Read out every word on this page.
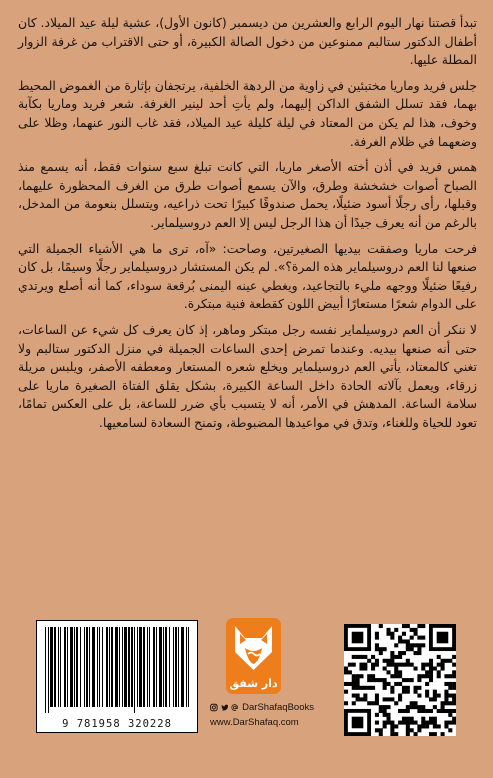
تبدأ قصتنا نهار اليوم الرابع والعشرين من ديسمبر (كانون الأول)، عشية ليلة عيد الميلاد. كان أطفال الدكتور ستالبم ممنوعين من دخول الصالة الكبيرة، أو حتى الاقتراب من غرفة الزوار المطلة عليها.

جلس فريد وماريا مختبئين في زاوية من الردهة الخلفية، يرتجفان بإثارة من الغموض المحيط بهما، فقد تسلل الشفق الداكن إليهما، ولم يأتِ أحد لينير الغرفة. شعر فريد وماريا بكآبة وخوف، هذا لم يكن من المعتاد في ليلة كليلة عيد الميلاد، فقد غاب النور عنهما، وظلا على وضعهما في ظلام الغرفة.

همس فريد في أذن أخته الأصغر ماريا، التي كانت تبلغ سبع سنوات فقط، أنه يسمع منذ الصباح أصوات خشخشة وطرق، والآن يسمع أصوات طرق من الغرف المحظورة عليهما، وقبلها، رأى رجلًا أسود ضئيلًا، يحمل صندوقًا كبيرًا تحت ذراعيه، ويتسلل بنعومة من المدخل، بالرغم من أنه يعرف جيدًا أن هذا الرجل ليس إلا العم دروسيلماير.

فرحت ماريا وصفقت بيديها الصغيرتين، وصاحت: «آه، ترى ما هي الأشياء الجميلة التي صنعها لنا العم دروسيلماير هذه المرة؟». لم يكن المستشار دروسيلماير رجلًا وسيمًا، بل كان رفيعًا ضئيلًا ووجهه مليء بالتجاعيد، ويغطي عينه اليمنى بُرقعة سوداء، كما أنه أصلع ويرتدي على الدوام شعرًا مستعارًا أبيض اللون كقطعة فنية مبتكرة.

لا ننكر أن العم دروسيلماير نفسه رجل مبتكر وماهر، إذ كان يعرف كل شيء عن الساعات، حتى أنه صنعها بيديه. وعندما تمرض إحدى الساعات الجميلة في منزل الدكتور ستالبم ولا تغني كالمعتاد، يأتي العم دروسيلماير ويخلع شعره المستعار ومعطفه الأصفر، ويلبس مريلة زرقاء، ويعمل بآلاته الحادة داخل الساعة الكبيرة، بشكل يقلق الفتاة الصغيرة ماريا على سلامة الساعة. المدهش في الأمر، أنه لا يتسبب بأي ضرر للساعة، بل على العكس تمامًا، تعود للحياة وللغناء، وتدق في مواعيدها المضبوطة، وتمنح السعادة لسامعيها.

9 781958 320228
دار شفق
DarShafaqBooks
www.DarShafaq.com
